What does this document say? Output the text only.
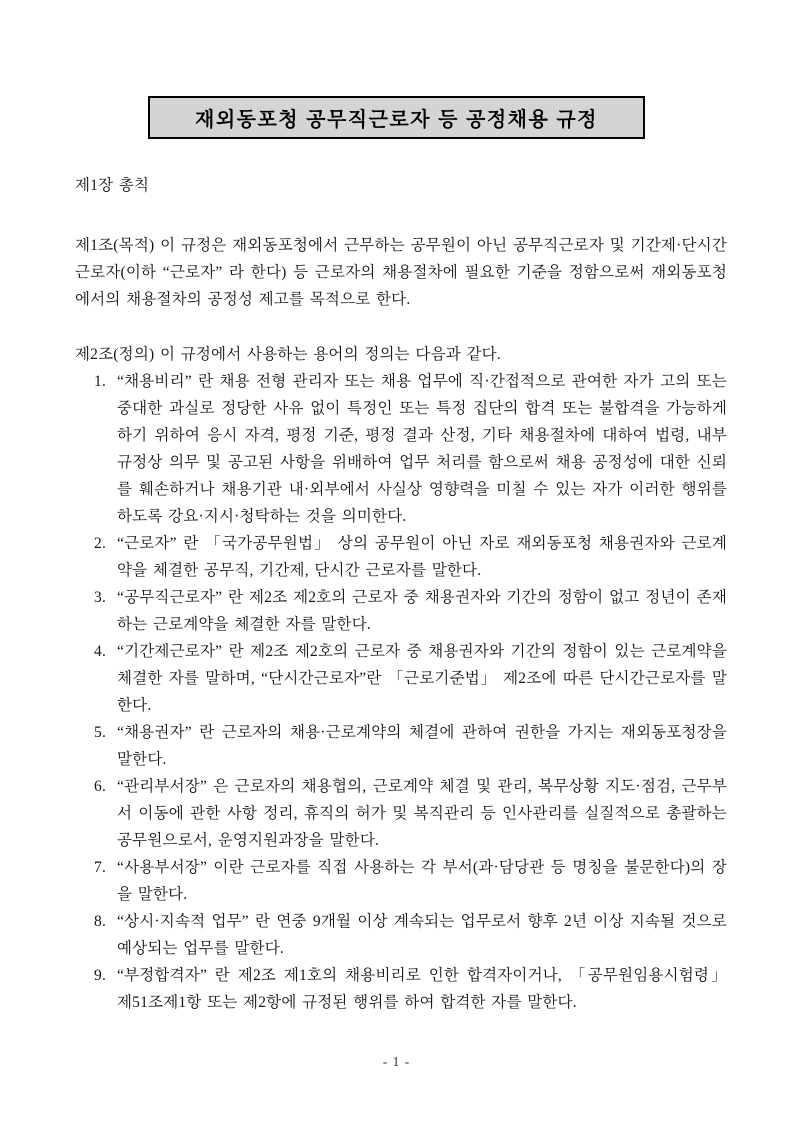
재외동포청 공무직근로자 등 공정채용 규정

제1장 총칙

제1조(목적) 이 규정은 재외동포청에서 근무하는 공무원이 아닌 공무직근로자 및 기간제·단시간근로자(이하 “근로자” 라 한다) 등 근로자의 채용절차에 필요한 기준을 정함으로써 재외동포청에서의 채용절차의 공정성 제고를 목적으로 한다.

제2조(정의) 이 규정에서 사용하는 용어의 정의는 다음과 같다.

1. “채용비리” 란 채용 전형 관리자 또는 채용 업무에 직·간접적으로 관여한 자가 고의 또는 중대한 과실로 정당한 사유 없이 특정인 또는 특정 집단의 합격 또는 불합격을 가능하게 하기 위하여 응시 자격, 평정 기준, 평정 결과 산정, 기타 채용절차에 대하여 법령, 내부 규정상 의무 및 공고된 사항을 위배하여 업무 처리를 함으로써 채용 공정성에 대한 신뢰를 훼손하거나 채용기관 내·외부에서 사실상 영향력을 미칠 수 있는 자가 이러한 행위를 하도록 강요·지시·청탁하는 것을 의미한다.
2. “근로자” 란 「국가공무원법」 상의 공무원이 아닌 자로 재외동포청 채용권자와 근로계약을 체결한 공무직, 기간제, 단시간 근로자를 말한다.
3. “공무직근로자” 란 제2조 제2호의 근로자 중 채용권자와 기간의 정함이 없고 정년이 존재하는 근로계약을 체결한 자를 말한다.
4. “기간제근로자” 란 제2조 제2호의 근로자 중 채용권자와 기간의 정함이 있는 근로계약을 체결한 자를 말하며, “단시간근로자”란 「근로기준법」 제2조에 따른 단시간근로자를 말한다.
5. “채용권자” 란 근로자의 채용·근로계약의 체결에 관하여 권한을 가지는 재외동포청장을 말한다.
6. “관리부서장” 은 근로자의 채용협의, 근로계약 체결 및 관리, 복무상황 지도·점검, 근무부서 이동에 관한 사항 정리, 휴직의 허가 및 복직관리 등 인사관리를 실질적으로 총괄하는 공무원으로서, 운영지원과장을 말한다.
7. “사용부서장” 이란 근로자를 직접 사용하는 각 부서(과·담당관 등 명칭을 불문한다)의 장을 말한다.
8. “상시·지속적 업무” 란 연중 9개월 이상 계속되는 업무로서 향후 2년 이상 지속될 것으로 예상되는 업무를 말한다.
9. “부정합격자” 란 제2조 제1호의 채용비리로 인한 합격자이거나, 「공무원임용시험령」 제51조제1항 또는 제2항에 규정된 행위를 하여 합격한 자를 말한다.
- 1 -
